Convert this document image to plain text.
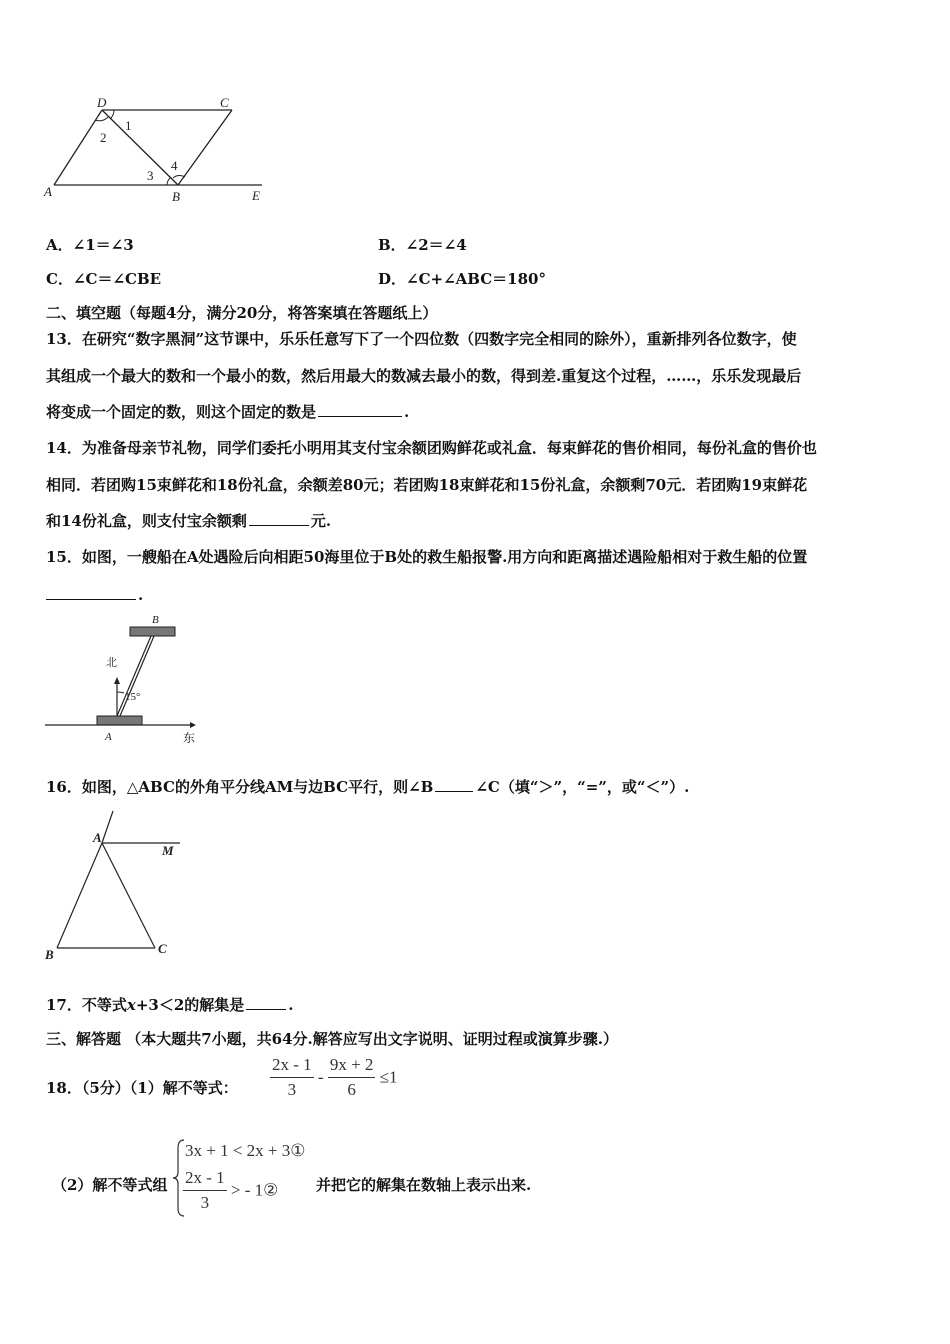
D	C
A	B	E
1
2
3
4
A．∠1＝∠3	B．∠2＝∠4
C．∠C＝∠CBE	D．∠C+∠ABC＝180°
二、填空题（每题4分，满分20分，将答案填在答题纸上）
13．在研究“数字黑洞”这节课中，乐乐任意写下了一个四位数（四数字完全相同的除外），重新排列各位数字，使
其组成一个最大的数和一个最小的数，然后用最大的数减去最小的数，得到差.重复这个过程，……，乐乐发现最后
将变成一个固定的数，则这个固定的数是	.
14．为准备母亲节礼物，同学们委托小明用其支付宝余额团购鲜花或礼盒．每束鲜花的售价相同，每份礼盒的售价也
相同．若团购15束鲜花和18份礼盒，余额差80元；若团购18束鲜花和15份礼盒，余额剩70元．若团购19束鲜花
和14份礼盒，则支付宝余额剩	元.
15．如图，一艘船在A处遇险后向相距50海里位于B处的救生船报警.用方向和距离描述遇险船相对于救生船的位置
.
B
北
15°
A	东
16．如图，△ABC的外角平分线AM与边BC平行，则∠B	∠C（填“＞”，“=”，或“＜”）.
A
M
B	C
17．不等式x+3＜2的解集是	.
三、解答题 （本大题共7小题，共64分.解答应写出文字说明、证明过程或演算步骤.）
18．（5分）（1）解不等式： $\frac{2x - 1}{3} - \frac{9x + 2}{6} \le 1$
（2）解不等式组
3x + 1 < 2x + 3①
$\frac{2x - 1}{3}$ > - 1②	并把它的解集在数轴上表示出来.
